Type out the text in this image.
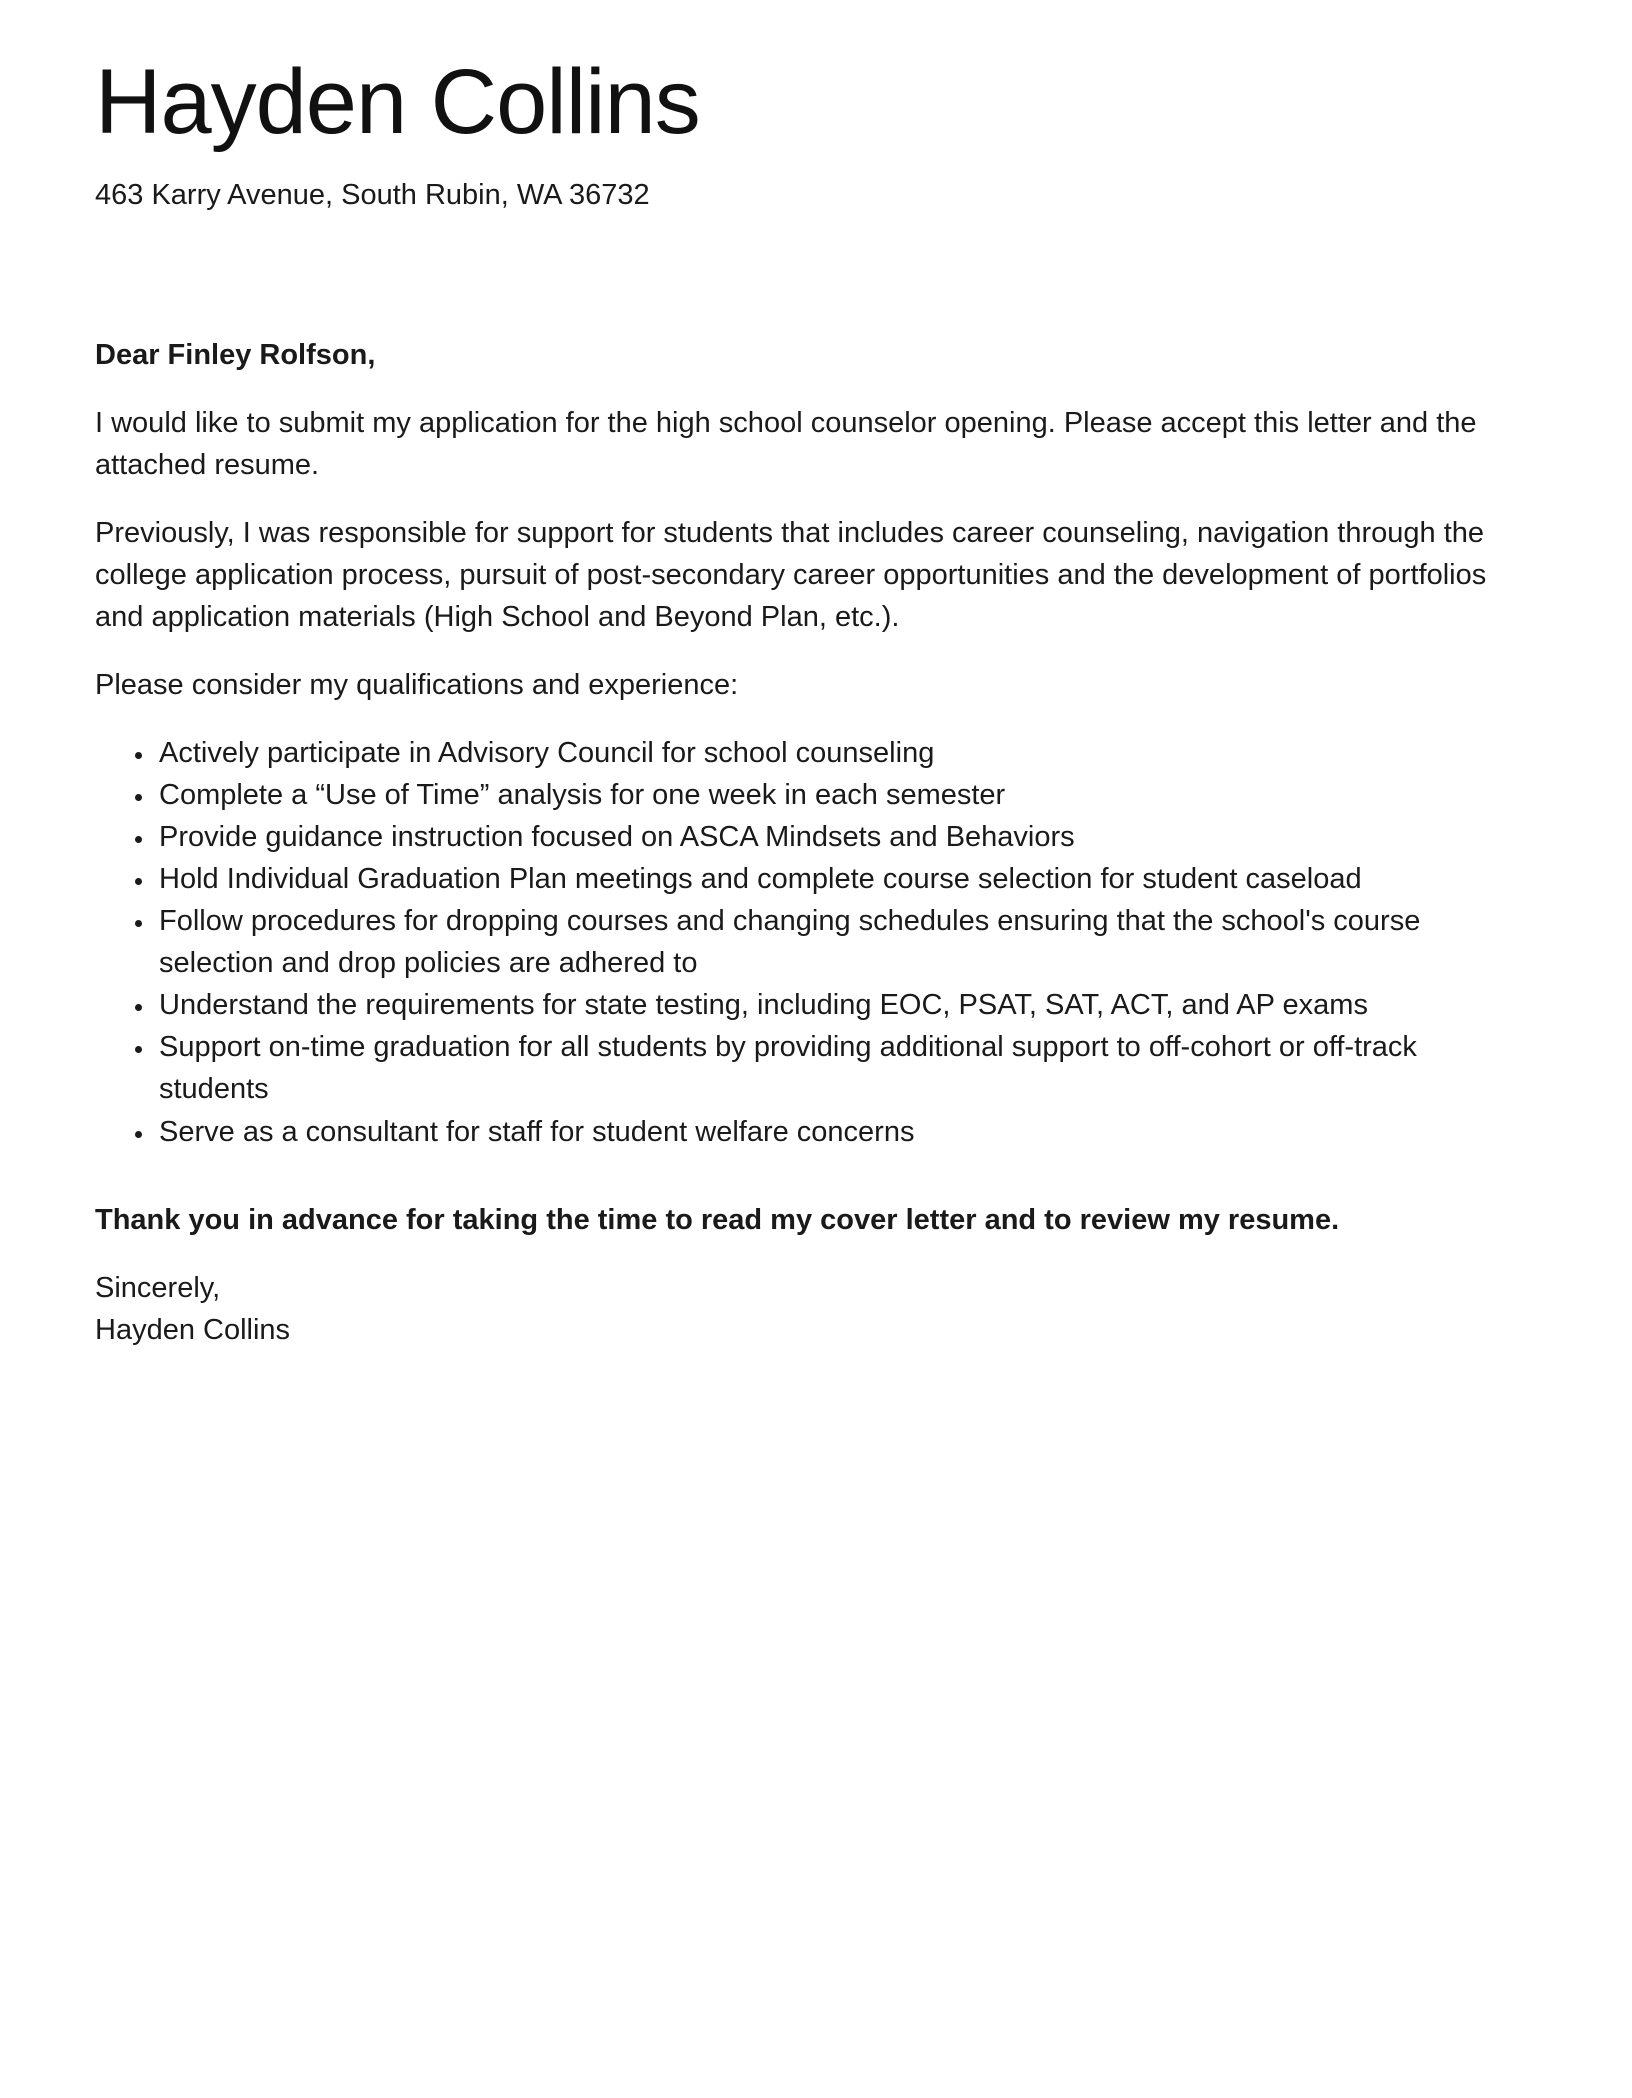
Hayden Collins
463 Karry Avenue, South Rubin, WA 36732

Dear Finley Rolfson,

I would like to submit my application for the high school counselor opening. Please accept this letter and the attached resume.

Previously, I was responsible for support for students that includes career counseling, navigation through the college application process, pursuit of post-secondary career opportunities and the development of portfolios and application materials (High School and Beyond Plan, etc.).

Please consider my qualifications and experience:

• Actively participate in Advisory Council for school counseling
• Complete a “Use of Time” analysis for one week in each semester
• Provide guidance instruction focused on ASCA Mindsets and Behaviors
• Hold Individual Graduation Plan meetings and complete course selection for student caseload
• Follow procedures for dropping courses and changing schedules ensuring that the school's course selection and drop policies are adhered to
• Understand the requirements for state testing, including EOC, PSAT, SAT, ACT, and AP exams
• Support on-time graduation for all students by providing additional support to off-cohort or off-track students
• Serve as a consultant for staff for student welfare concerns

Thank you in advance for taking the time to read my cover letter and to review my resume.

Sincerely,
Hayden Collins
